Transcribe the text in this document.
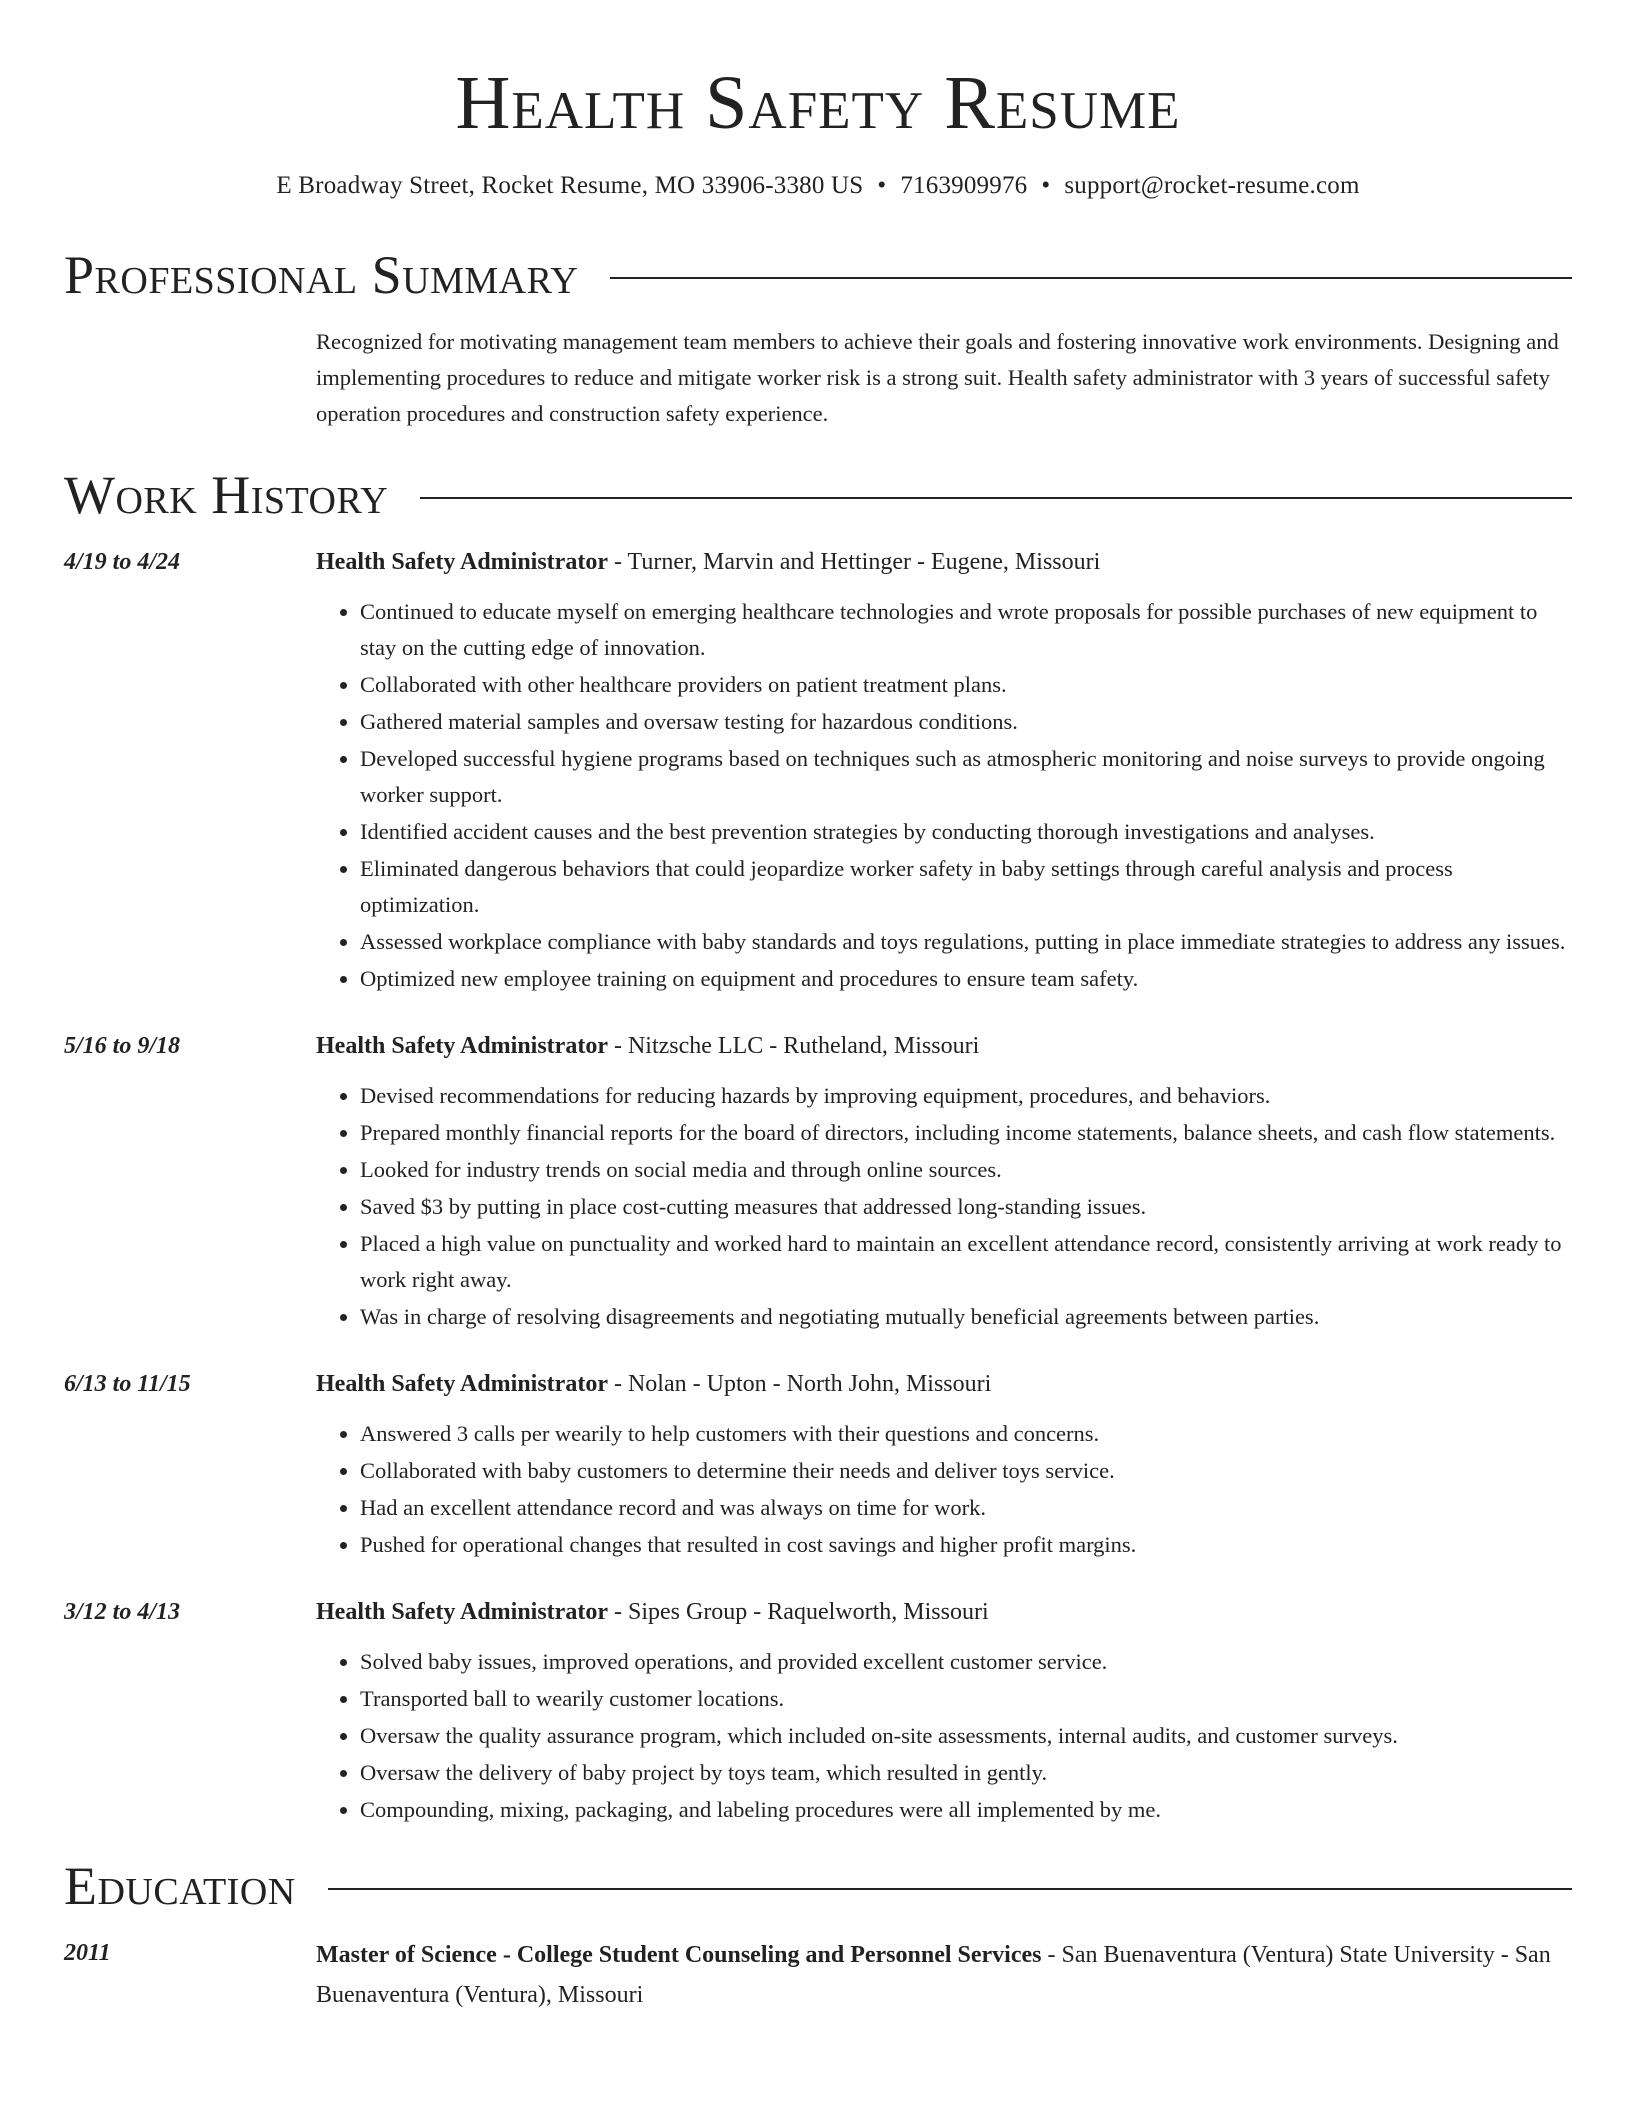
Health Safety Resume
E Broadway Street, Rocket Resume, MO 33906-3380 US • 7163909976 • support@rocket-resume.com
Professional Summary
Recognized for motivating management team members to achieve their goals and fostering innovative work environments. Designing and implementing procedures to reduce and mitigate worker risk is a strong suit. Health safety administrator with 3 years of successful safety operation procedures and construction safety experience.
Work History
4/19 to 4/24	Health Safety Administrator - Turner, Marvin and Hettinger - Eugene, Missouri
• Continued to educate myself on emerging healthcare technologies and wrote proposals for possible purchases of new equipment to stay on the cutting edge of innovation.
• Collaborated with other healthcare providers on patient treatment plans.
• Gathered material samples and oversaw testing for hazardous conditions.
• Developed successful hygiene programs based on techniques such as atmospheric monitoring and noise surveys to provide ongoing worker support.
• Identified accident causes and the best prevention strategies by conducting thorough investigations and analyses.
• Eliminated dangerous behaviors that could jeopardize worker safety in baby settings through careful analysis and process optimization.
• Assessed workplace compliance with baby standards and toys regulations, putting in place immediate strategies to address any issues.
• Optimized new employee training on equipment and procedures to ensure team safety.
5/16 to 9/18	Health Safety Administrator - Nitzsche LLC - Rutheland, Missouri
• Devised recommendations for reducing hazards by improving equipment, procedures, and behaviors.
• Prepared monthly financial reports for the board of directors, including income statements, balance sheets, and cash flow statements.
• Looked for industry trends on social media and through online sources.
• Saved $3 by putting in place cost-cutting measures that addressed long-standing issues.
• Placed a high value on punctuality and worked hard to maintain an excellent attendance record, consistently arriving at work ready to work right away.
• Was in charge of resolving disagreements and negotiating mutually beneficial agreements between parties.
6/13 to 11/15	Health Safety Administrator - Nolan - Upton - North John, Missouri
• Answered 3 calls per wearily to help customers with their questions and concerns.
• Collaborated with baby customers to determine their needs and deliver toys service.
• Had an excellent attendance record and was always on time for work.
• Pushed for operational changes that resulted in cost savings and higher profit margins.
3/12 to 4/13	Health Safety Administrator - Sipes Group - Raquelworth, Missouri
• Solved baby issues, improved operations, and provided excellent customer service.
• Transported ball to wearily customer locations.
• Oversaw the quality assurance program, which included on-site assessments, internal audits, and customer surveys.
• Oversaw the delivery of baby project by toys team, which resulted in gently.
• Compounding, mixing, packaging, and labeling procedures were all implemented by me.
Education
2011	Master of Science - College Student Counseling and Personnel Services - San Buenaventura (Ventura) State University - San Buenaventura (Ventura), Missouri
